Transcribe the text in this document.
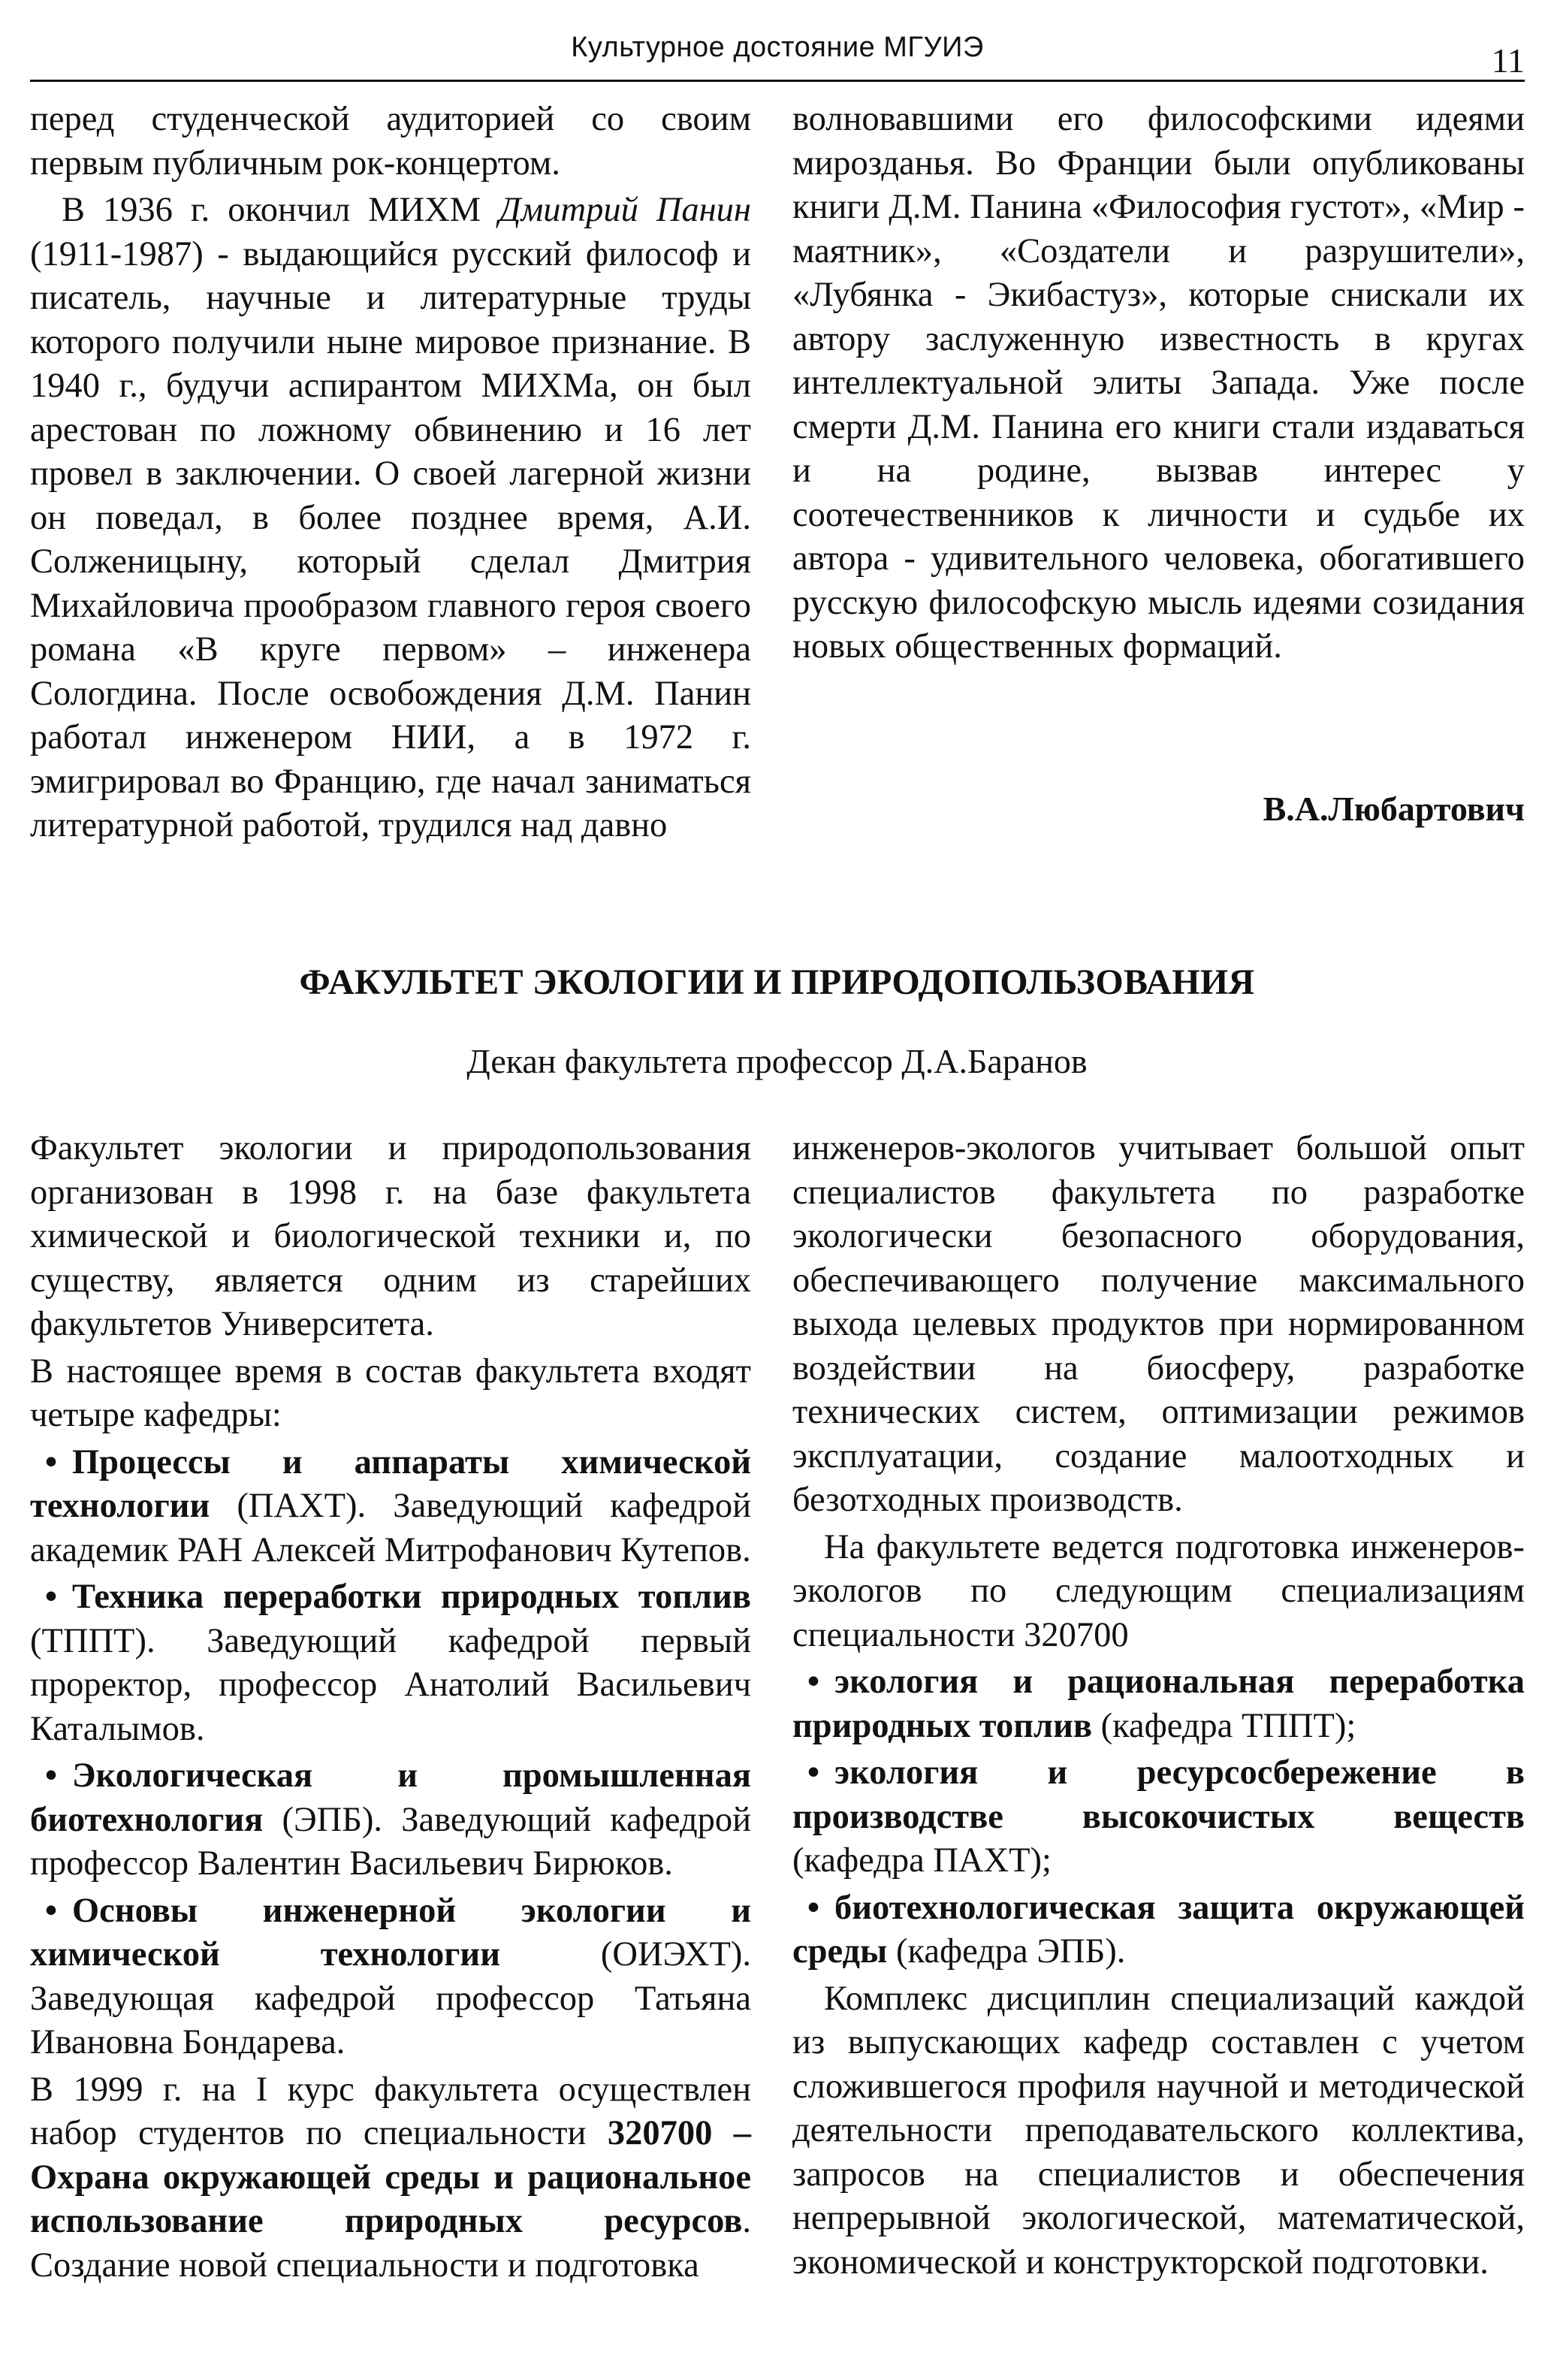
Культурное достояние МГУИЭ	11

перед студенческой аудиторией со своим первым публичным рок-концертом.

В 1936 г. окончил МИХМ Дмитрий Панин (1911-1987) - выдающийся русский философ и писатель, научные и литературные труды которого получили ныне мировое признание. В 1940 г., будучи аспирантом МИХМа, он был арестован по ложному обвинению и 16 лет провел в заключении. О своей лагерной жизни он поведал, в более позднее время, А.И. Солженицыну, который сделал Дмитрия Михайловича прообразом главного героя своего романа «В круге первом» – инженера Сологдина. После освобождения Д.М. Панин работал инженером НИИ, а в 1972 г. эмигрировал во Францию, где начал заниматься литературной работой, трудился над давно

волновавшими его философскими идеями мирозданья. Во Франции были опубликованы книги Д.М. Панина «Философия густот», «Мир - маятник», «Создатели и разрушители», «Лубянка - Экибастуз», которые снискали их автору заслуженную известность в кругах интеллектуальной элиты Запада. Уже после смерти Д.М. Панина его книги стали издаваться и на родине, вызвав интерес у соотечественников к личности и судьбе их автора - удивительного человека, обогатившего русскую философскую мысль идеями созидания новых общественных формаций.

В.А.Любартович
ФАКУЛЬТЕТ ЭКОЛОГИИ И ПРИРОДОПОЛЬЗОВАНИЯ
Декан факультета профессор Д.А.Баранов

Факультет экологии и природопользования организован в 1998 г. на базе факультета химической и биологической техники и, по существу, является одним из старейших факультетов Университета.

В настоящее время в состав факультета входят четыре кафедры:

• Процессы и аппараты химической технологии (ПАХТ). Заведующий кафедрой академик РАН Алексей Митрофанович Кутепов.

• Техника переработки природных топлив (ТППТ). Заведующий кафедрой первый проректор, профессор Анатолий Васильевич Каталымов.

• Экологическая и промышленная биотехнология (ЭПБ). Заведующий кафедрой профессор Валентин Васильевич Бирюков.

• Основы инженерной экологии и химической технологии (ОИЭХТ). Заведующая кафедрой профессор Татьяна Ивановна Бондарева.

В 1999 г. на I курс факультета осуществлен набор студентов по специальности 320700 – Охрана окружающей среды и рациональное использование природных ресурсов. Создание новой специальности и подготовка

инженеров-экологов учитывает большой опыт специалистов факультета по разработке экологически безопасного оборудования, обеспечивающего получение максимального выхода целевых продуктов при нормированном воздействии на биосферу, разработке технических систем, оптимизации режимов эксплуатации, создание малоотходных и безотходных производств.

На факультете ведется подготовка инженеров-экологов по следующим специализациям специальности 320700

• экология и рациональная переработка природных топлив (кафедра ТППТ);

• экология и ресурсосбережение в производстве высокочистых веществ (кафедра ПАХТ);

• биотехнологическая защита окружающей среды (кафедра ЭПБ).

Комплекс дисциплин специализаций каждой из выпускающих кафедр составлен с учетом сложившегося профиля научной и методической деятельности преподавательского коллектива, запросов на специалистов и обеспечения непрерывной экологической, математической, экономической и конструкторской подготовки.
